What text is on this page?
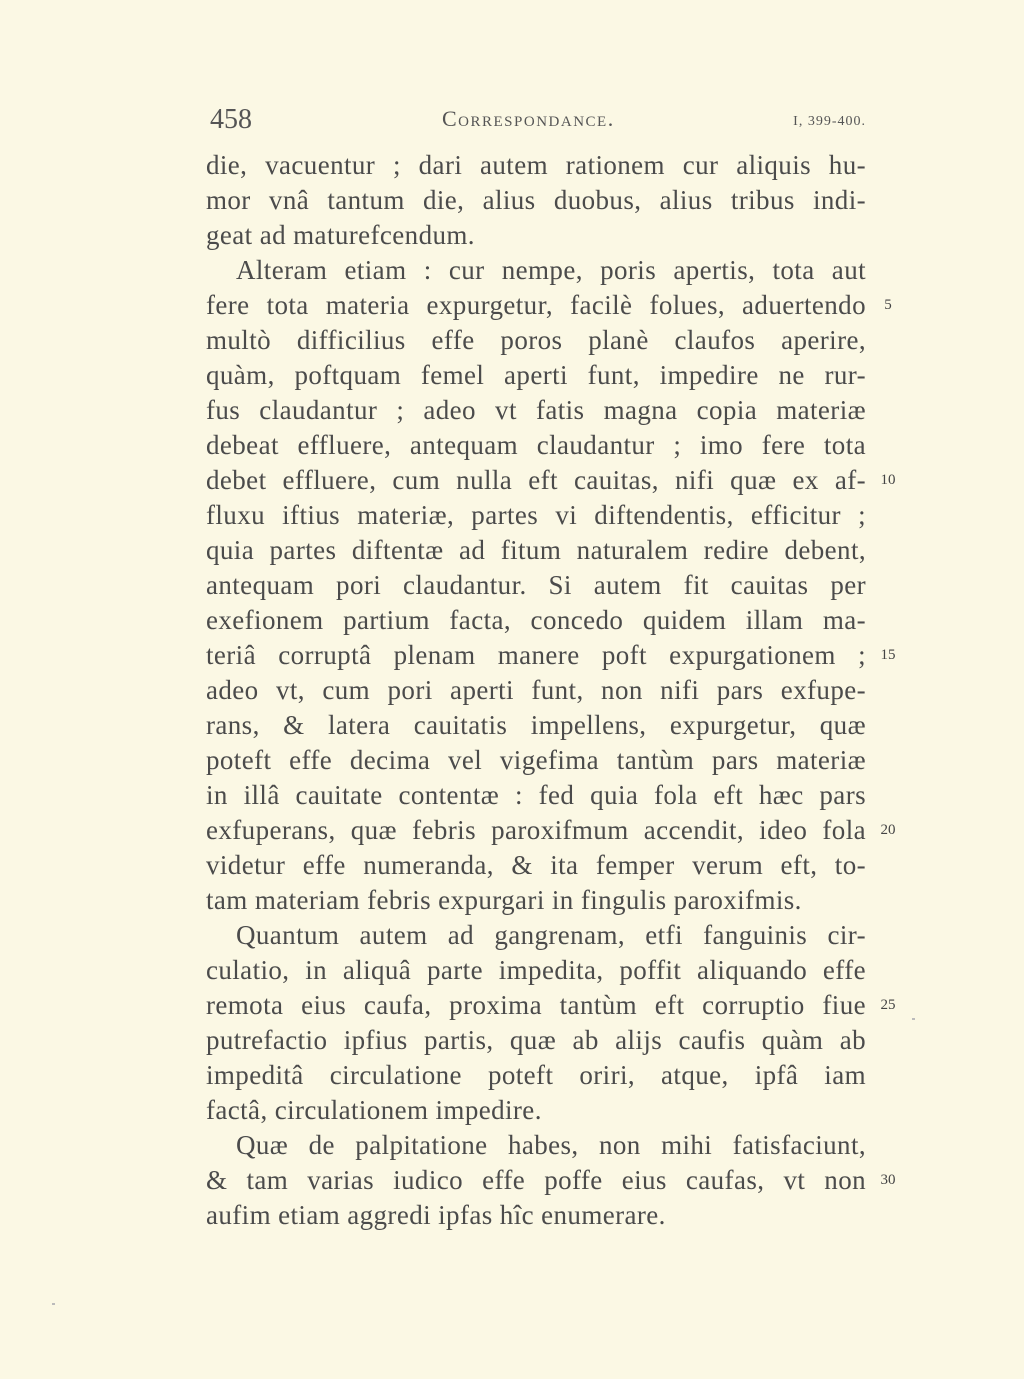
458	Correspondance.	I, 399-400.
die, vacuentur ; dari autem rationem cur aliquis hu-
mor vnâ tantum die, alius duobus, alius tribus indi-
geat ad maturefcendum.
Alteram etiam : cur nempe, poris apertis, tota aut
fere tota materia expurgetur, facilè folues, aduertendo
multò difficilius effe poros planè claufos aperire,
quàm, poftquam femel aperti funt, impedire ne rur-
fus claudantur ; adeo vt fatis magna copia materiæ
debeat effluere, antequam claudantur ; imo fere tota
debet effluere, cum nulla eft cauitas, nifi quæ ex af-
fluxu iftius materiæ, partes vi diftendentis, efficitur ;
quia partes diftentæ ad fitum naturalem redire debent,
antequam pori claudantur. Si autem fit cauitas per
exefionem partium facta, concedo quidem illam ma-
teriâ corruptâ plenam manere poft expurgationem ;
adeo vt, cum pori aperti funt, non nifi pars exfupe-
rans, & latera cauitatis impellens, expurgetur, quæ
poteft effe decima vel vigefima tantùm pars materiæ
in illâ cauitate contentæ : fed quia fola eft hæc pars
exfuperans, quæ febris paroxifmum accendit, ideo fola
videtur effe numeranda, & ita femper verum eft, to-
tam materiam febris expurgari in fingulis paroxifmis.
Quantum autem ad gangrenam, etfi fanguinis cir-
culatio, in aliquâ parte impedita, poffit aliquando effe
remota eius caufa, proxima tantùm eft corruptio fiue
putrefactio ipfius partis, quæ ab alijs caufis quàm ab
impeditâ circulatione poteft oriri, atque, ipfâ iam
factâ, circulationem impedire.
Quæ de palpitatione habes, non mihi fatisfaciunt,
& tam varias iudico effe poffe eius caufas, vt non
aufim etiam aggredi ipfas hîc enumerare.
5
10
15
20
25
30
